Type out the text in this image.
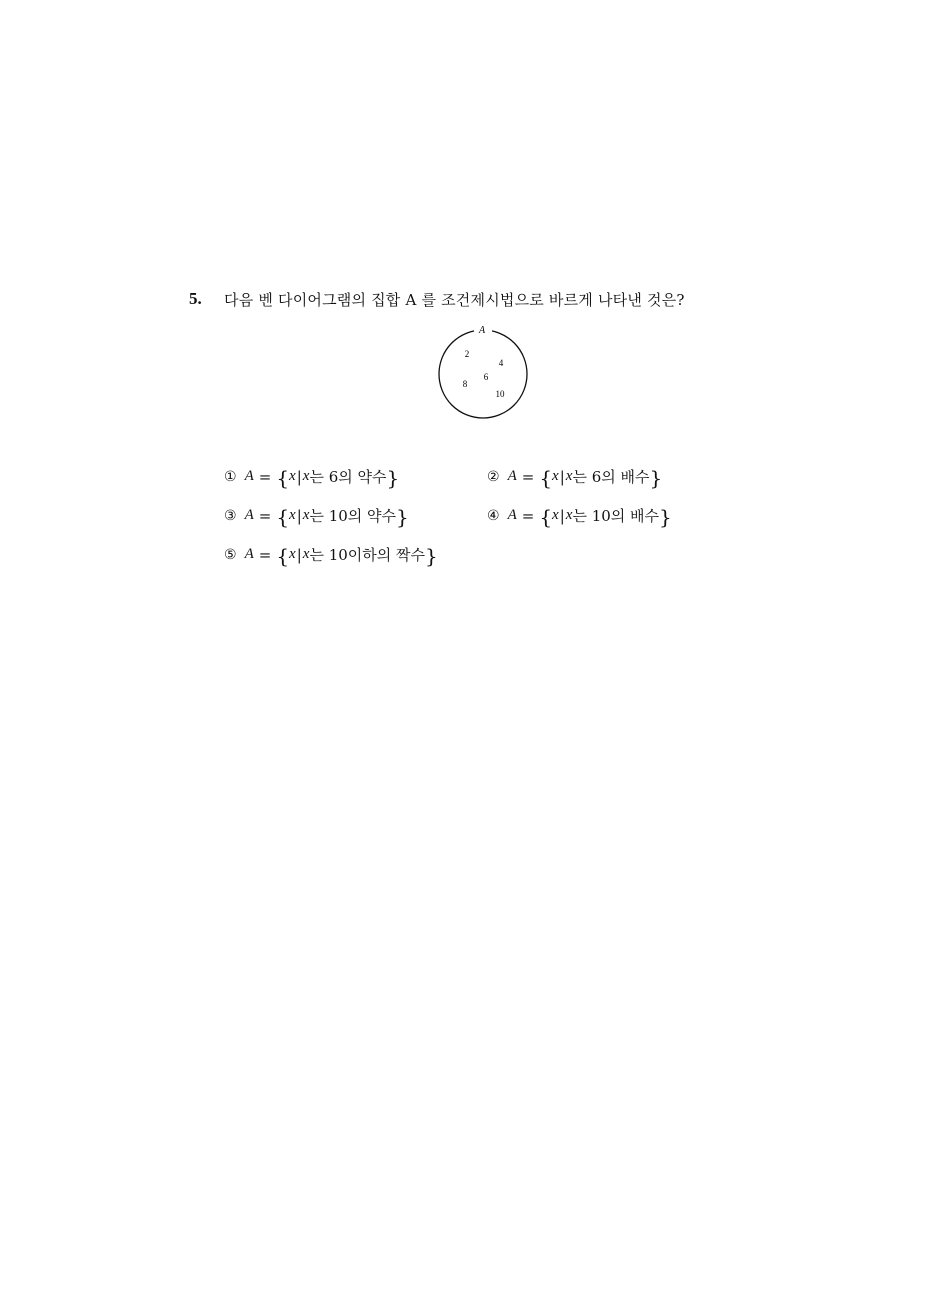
5. 다음 벤 다이어그램의 집합 A 를 조건제시법으로 바르게 나타낸 것은?
A
2
4
6
8
10
① A = { x | x 는 6의 약수 }	② A = { x | x 는 6의 배수 }
③ A = { x | x 는 10의 약수 }	④ A = { x | x 는 10의 배수 }
⑤ A = { x | x 는 10이하의 짝수 }
